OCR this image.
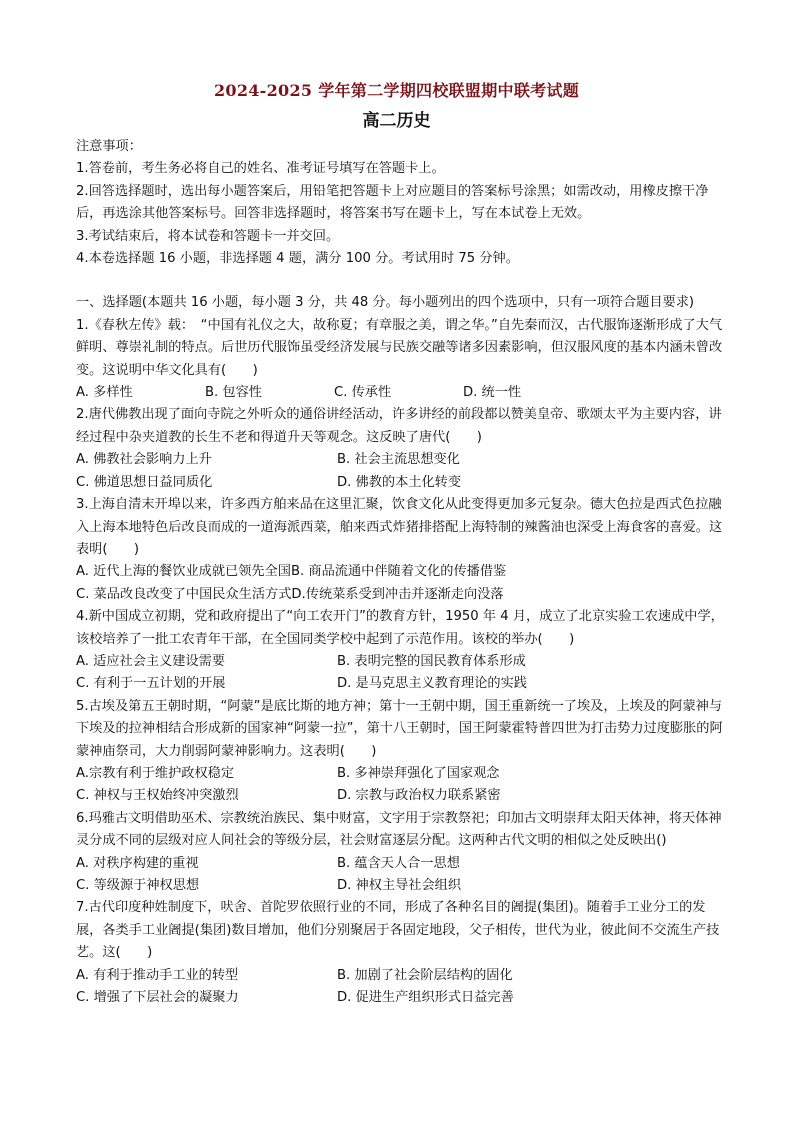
2024-2025 学年第二学期四校联盟期中联考试题
高二历史

注意事项：

1.答卷前，考生务必将自己的姓名、准考证号填写在答题卡上。

2.回答选择题时，选出每小题答案后，用铅笔把答题卡上对应题目的答案标号涂黑；如需改动，用橡皮擦干净后，再选涂其他答案标号。回答非选择题时，将答案书写在题卡上，写在本试卷上无效。

3.考试结束后，将本试卷和答题卡一并交回。

4.本卷选择题 16 小题，非选择题 4 题，满分 100 分。考试用时 75 分钟。

一、选择题(本题共 16 小题，每小题 3 分，共 48 分。每小题列出的四个选项中，只有一项符合题目要求)

1.《春秋左传》载：　“中国有礼仪之大，故称夏；有章服之美，谓之华。”自先秦而汉，古代服饰逐渐形成了大气鲜明、尊崇礼制的特点。后世历代服饰虽受经济发展与民族交融等诸多因素影响，但汉服风度的基本内涵未曾改变。这说明中华文化具有(　　)

A. 多样性	B. 包容性	C. 传承性	D. 统一性

2.唐代佛教出现了面向寺院之外听众的通俗讲经活动，许多讲经的前段都以赞美皇帝、歌颂太平为主要内容，讲经过程中杂夹道教的长生不老和得道升天等观念。这反映了唐代(　　)

A. 佛教社会影响力上升	B. 社会主流思想变化
C. 佛道思想日益同质化	D. 佛教的本土化转变

3.上海自清末开埠以来，许多西方舶来品在这里汇聚，饮食文化从此变得更加多元复杂。德大色拉是西式色拉融入上海本地特色后改良而成的一道海派西菜，舶来西式炸猪排搭配上海特制的辣酱油也深受上海食客的喜爱。这表明(　　)

A. 近代上海的餐饮业成就已领先全国 B. 商品流通中伴随着文化的传播借鉴
C. 菜品改良改变了中国民众生活方式 D.传统菜系受到冲击并逐渐走向没落

4.新中国成立初期，党和政府提出了“向工农开门”的教育方针，1950 年 4 月，成立了北京实验工农速成中学，该校培养了一批工农青年干部，在全国同类学校中起到了示范作用。该校的举办(　　)

A. 适应社会主义建设需要	B. 表明完整的国民教育体系形成
C. 有利于一五计划的开展	D. 是马克思主义教育理论的实践

5.古埃及第五王朝时期，“阿蒙”是底比斯的地方神；第十一王朝中期，国王重新统一了埃及，上埃及的阿蒙神与下埃及的拉神相结合形成新的国家神“阿蒙一拉”，第十八王朝时，国王阿蒙霍特普四世为打击势力过度膨胀的阿蒙神庙祭司，大力削弱阿蒙神影响力。这表明(　　)

A.宗教有利于维护政权稳定	B. 多神崇拜强化了国家观念
C. 神权与王权始终冲突激烈	D. 宗教与政治权力联系紧密

6.玛雅古文明借助巫术、宗教统治族民、集中财富，文字用于宗教祭祀；印加古文明崇拜太阳天体神，将天体神灵分成不同的层级对应人间社会的等级分层，社会财富逐层分配。这两种古代文明的相似之处反映出()

A. 对秩序构建的重视	B. 蕴含天人合一思想
C. 等级源于神权思想	D. 神权主导社会组织

7.古代印度种姓制度下，吠舍、首陀罗依照行业的不同，形成了各种名目的阇提(集团)。随着手工业分工的发展，各类手工业阇提(集团)数目增加，他们分别聚居于各固定地段，父子相传，世代为业，彼此间不交流生产技艺。这(　　)

A. 有利于推动手工业的转型	B. 加剧了社会阶层结构的固化
C. 增强了下层社会的凝聚力	D. 促进生产组织形式日益完善
